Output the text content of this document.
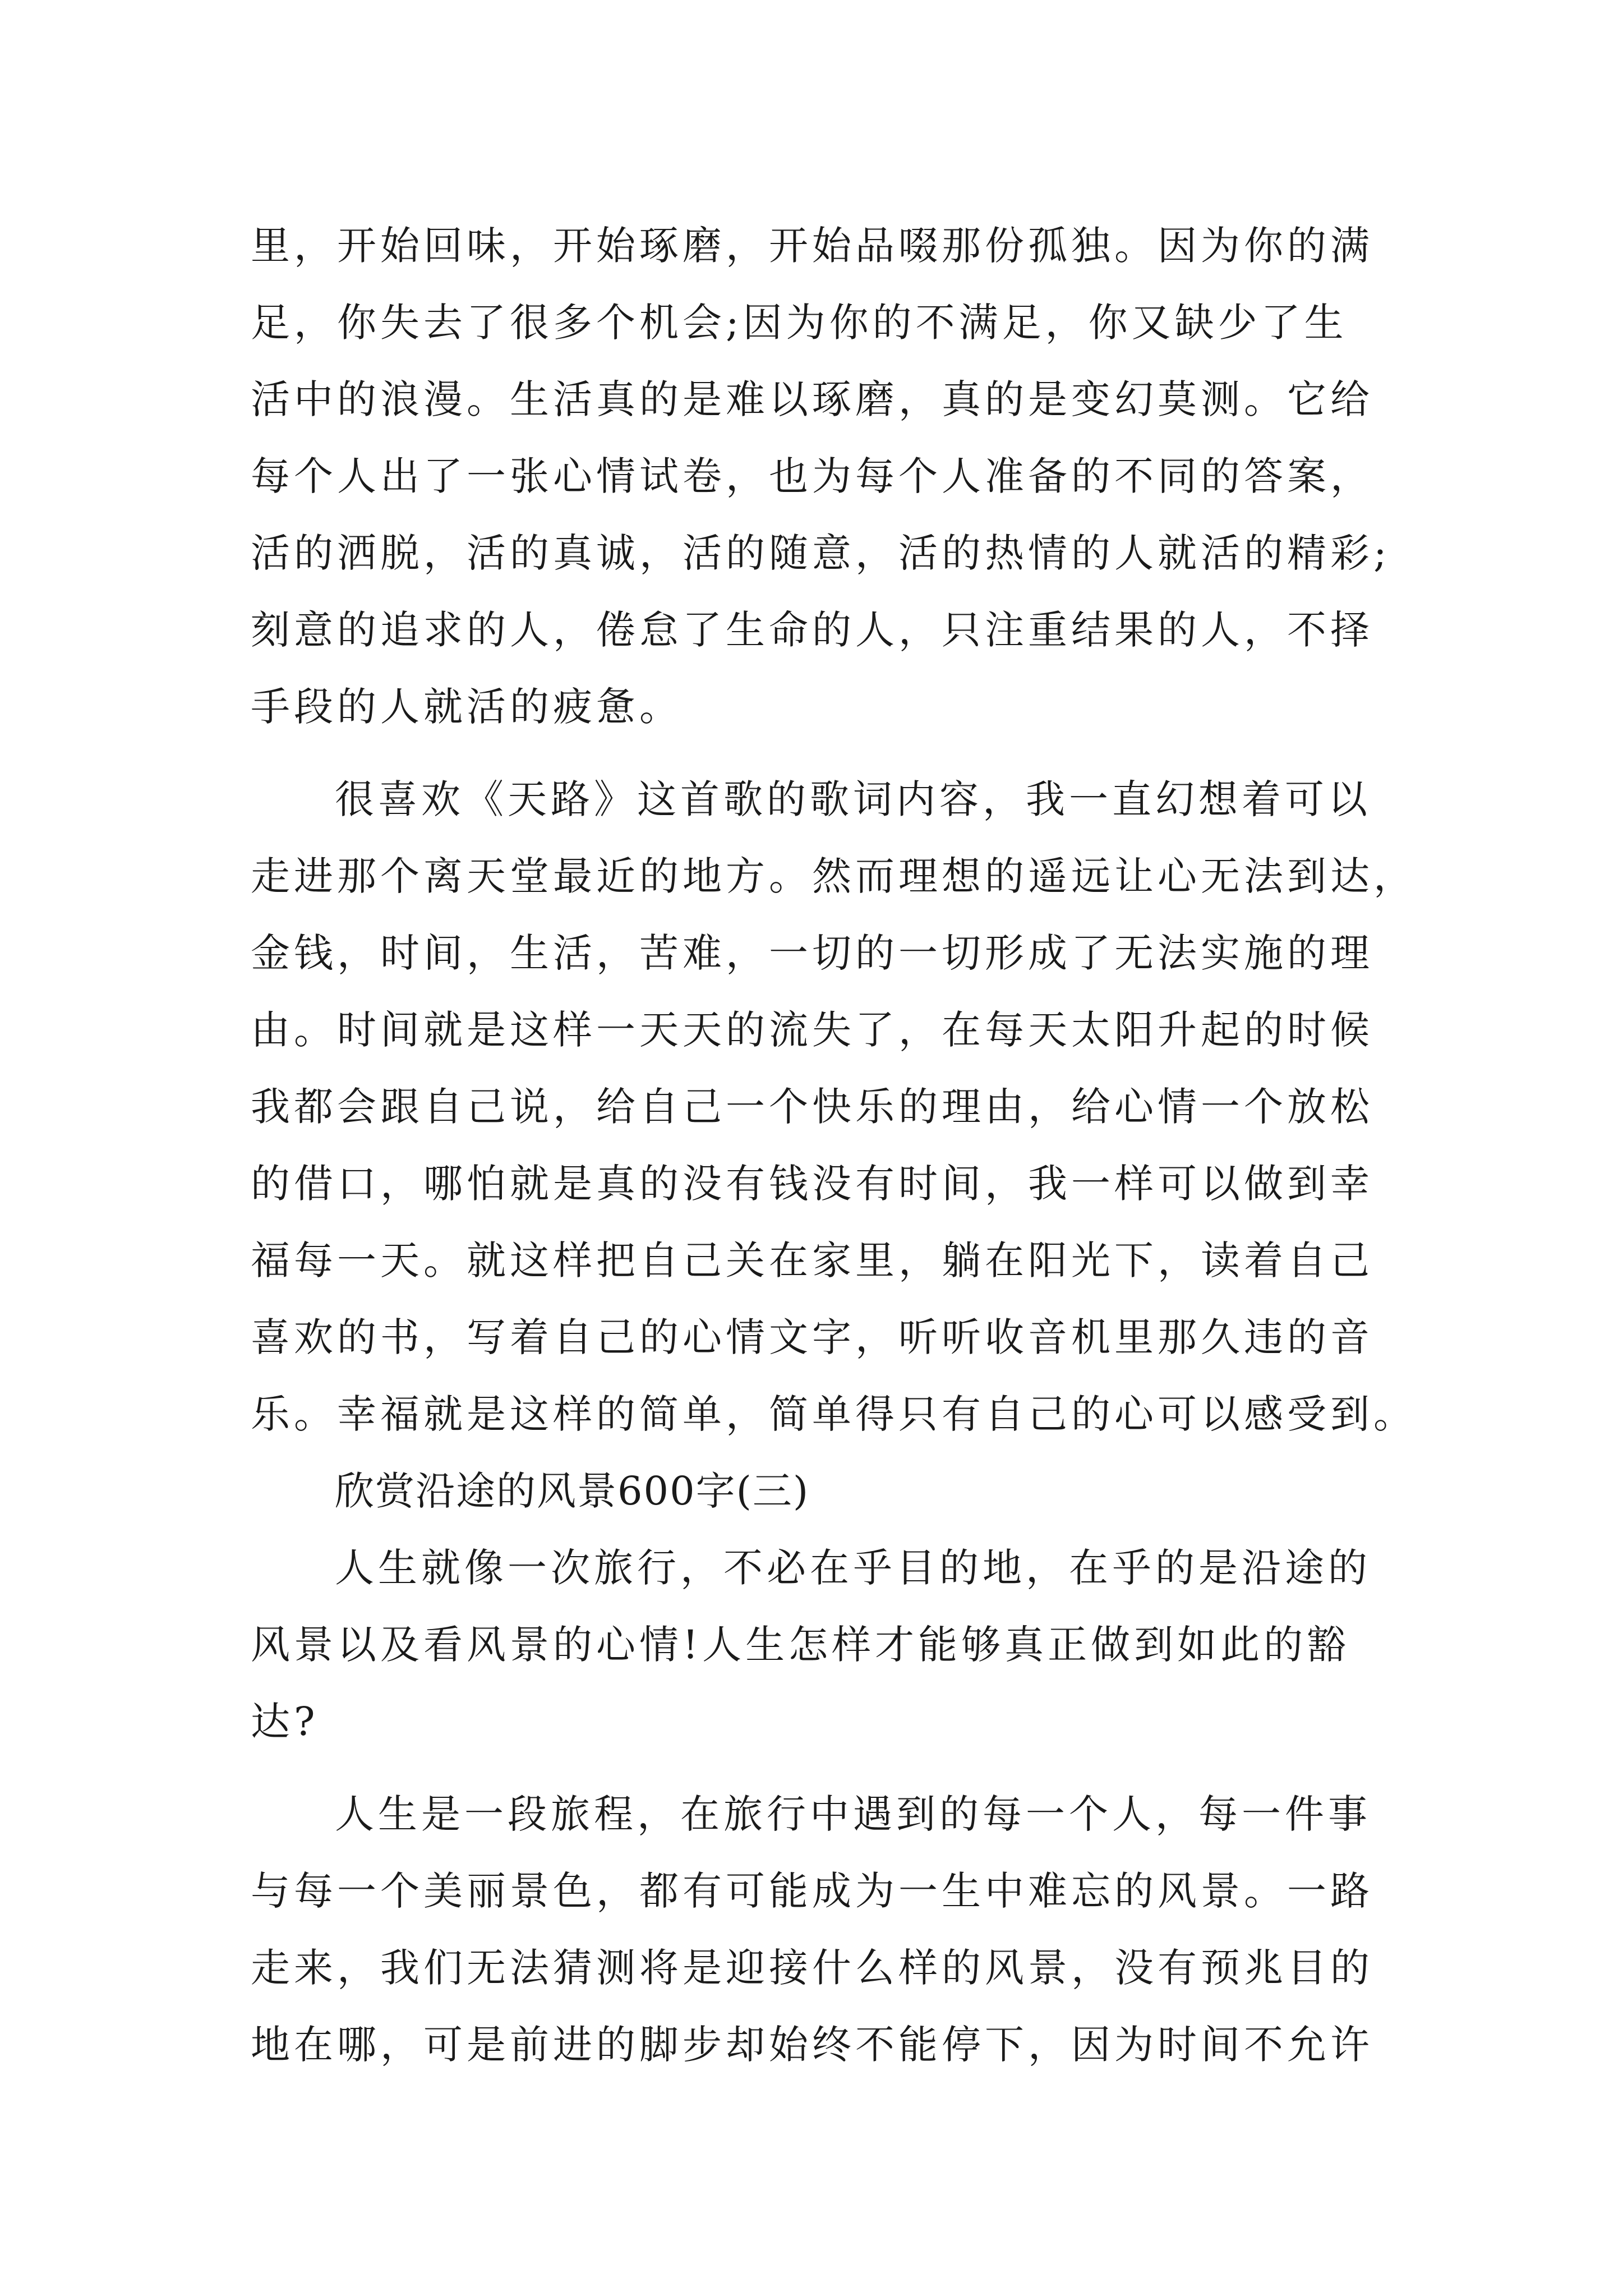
里，开始回味，开始琢磨，开始品啜那份孤独。因为你的满
足，你失去了很多个机会;因为你的不满足，你又缺少了生
活中的浪漫。生活真的是难以琢磨，真的是变幻莫测。它给
每个人出了一张心情试卷，也为每个人准备的不同的答案，
活的洒脱，活的真诚，活的随意，活的热情的人就活的精彩;
刻意的追求的人，倦怠了生命的人，只注重结果的人，不择
手段的人就活的疲惫。
很喜欢《天路》这首歌的歌词内容，我一直幻想着可以
走进那个离天堂最近的地方。然而理想的遥远让心无法到达，
金钱，时间，生活，苦难，一切的一切形成了无法实施的理
由。时间就是这样一天天的流失了，在每天太阳升起的时候
我都会跟自己说，给自己一个快乐的理由，给心情一个放松
的借口，哪怕就是真的没有钱没有时间，我一样可以做到幸
福每一天。就这样把自己关在家里，躺在阳光下，读着自己
喜欢的书，写着自己的心情文字，听听收音机里那久违的音
乐。幸福就是这样的简单，简单得只有自己的心可以感受到。
欣赏沿途的风景600字(三)
人生就像一次旅行，不必在乎目的地，在乎的是沿途的
风景以及看风景的心情!人生怎样才能够真正做到如此的豁
达?
人生是一段旅程，在旅行中遇到的每一个人，每一件事
与每一个美丽景色，都有可能成为一生中难忘的风景。一路
走来，我们无法猜测将是迎接什么样的风景，没有预兆目的
地在哪，可是前进的脚步却始终不能停下，因为时间不允许
